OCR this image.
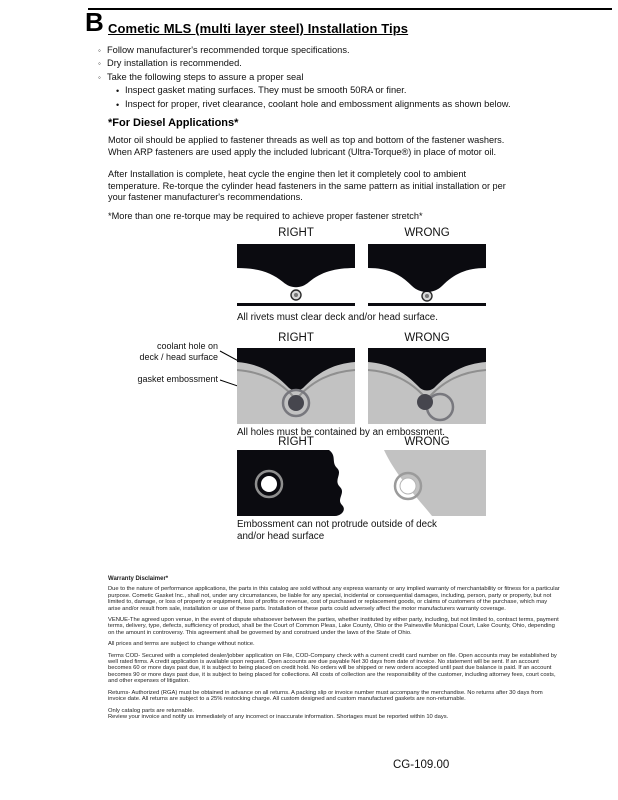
B Cometic MLS (multi layer steel) Installation Tips
◦ Follow manufacturer's recommended torque specifications.
◦ Dry installation is recommended.
◦ Take the following steps to assure a proper seal
• Inspect gasket mating surfaces. They must be smooth 50RA or finer.
• Inspect for proper, rivet clearance, coolant hole and embossment alignments as shown below.
*For Diesel Applications*
Motor oil should be applied to fastener threads as well as top and bottom of the fastener washers. When ARP fasteners are used apply the included lubricant (Ultra-Torque®) in place of motor oil.
After Installation is complete, heat cycle the engine then let it completely cool to ambient temperature. Re-torque the cylinder head fasteners in the same pattern as initial installation or per your fastener manufacturer's recommendations.
*More than one re-torque may be required to achieve proper fastener stretch*
RIGHT	WRONG
All rivets must clear deck and/or head surface.
RIGHT	WRONG
coolant hole on
deck / head surface
gasket embossment
All holes must be contained by an embossment.
RIGHT	WRONG
Embossment can not protrude outside of deck
and/or head surface
Warranty Disclaimer*

Due to the nature of performance applications, the parts in this catalog are sold without any express warranty or any implied warranty of merchantability or fitness for a particular purpose. Cometic Gasket Inc., shall not, under any circumstances, be liable for any special, incidental or consequential damages, including, person, party or property, but not limited to, damage, or loss of property or equipment, loss of profits or revenue, cost of purchased or replacement goods, or claims of customers of the purchase, which may arise and/or result from sale, installation or use of these parts. Installation of these parts could adversely affect the motor manufacturers warranty coverage.

VENUE-The agreed upon venue, in the event of dispute whatsoever between the parties, whether instituted by either party, including, but not limited to, contract terms, payment terms, delivery, type, defects, sufficiency of product, shall be the Court of Common Pleas, Lake County, Ohio or the Painesville Municipal Court, Lake County, Ohio, depending on the amount in controversy. This agreement shall be governed by and construed under the laws of the State of Ohio.

All prices and terms are subject to change without notice.

Terms COD- Secured with a completed dealer/jobber application on File, COD-Company check with a current credit card number on file. Open accounts may be established by well rated firms. A credit application is available upon request. Open accounts are due payable Net 30 days from date of invoice. No statement will be sent. If an account becomes 60 or more days past due, it is subject to being placed on credit hold. No orders will be shipped or new orders accepted until past due balance is paid. If an account becomes 90 or more days past due, it is subject to being placed for collections. All costs of collection are the responsibility of the customer, including attorney fees, court costs, and other expenses of litigation.

Returns- Authorized (RGA) must be obtained in advance on all returns. A packing slip or invoice number must accompany the merchandise. No returns after 30 days from invoice date. All returns are subject to a 25% restocking charge. All custom designed and custom manufactured gaskets are non-returnable.

Only catalog parts are returnable.

Review your invoice and notify us immediately of any incorrect or inaccurate information. Shortages must be reported within 10 days.

CG-109.00
